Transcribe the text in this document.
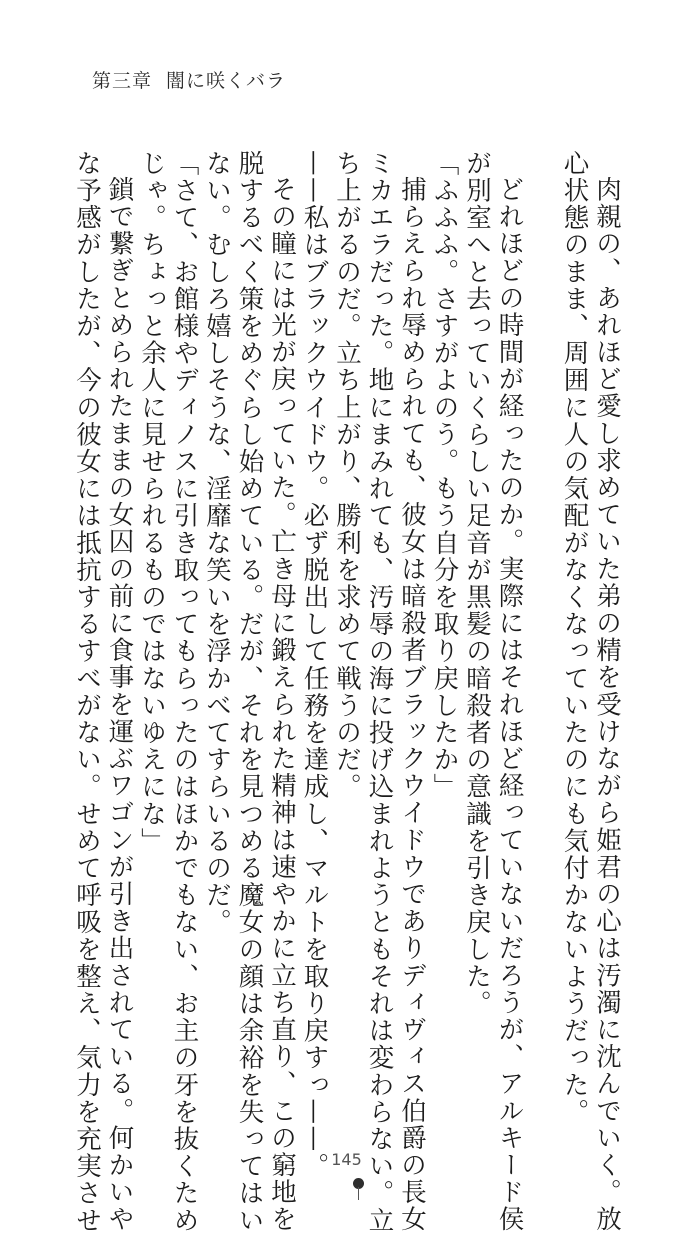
第三章 闇に咲くバラ
肉親の、あれほど愛し求めていた弟の精を受けながら姫君の心は汚濁に沈んでいく。放
心状態のまま、周囲に人の気配がなくなっていたのにも気付かないようだった。
どれほどの時間が経ったのか。実際にはそれほど経っていないだろうが、アルキード侯
が別室へと去っていくらしい足音が黒髪の暗殺者の意識を引き戻した。
「ふふふ。さすがよのう。もう自分を取り戻したか」
捕らえられ辱められても、彼女は暗殺者ブラックウイドウでありディヴィス伯爵の長女
ミカエラだった。地にまみれても、汚辱の海に投げ込まれようともそれは変わらない。立
ち上がるのだ。立ち上がり、勝利を求めて戦うのだ。
——私はブラックウイドウ。必ず脱出して任務を達成し、マルトを取り戻すっ——。
その瞳には光が戻っていた。亡き母に鍛えられた精神は速やかに立ち直り、この窮地を
脱するべく策をめぐらし始めている。だが、それを見つめる魔女の顔は余裕を失ってはい
ない。むしろ嬉しそうな、淫靡な笑いを浮かべてすらいるのだ。
「さて、お館様やディノスに引き取ってもらったのはほかでもない、お主の牙を抜くため
じゃ。ちょっと余人に見せられるものではないゆえにな」
鎖で繋ぎとめられたままの女囚の前に食事を運ぶワゴンが引き出されている。何かいや
な予感がしたが、今の彼女には抵抗するすべがない。せめて呼吸を整え、気力を充実させ	145
